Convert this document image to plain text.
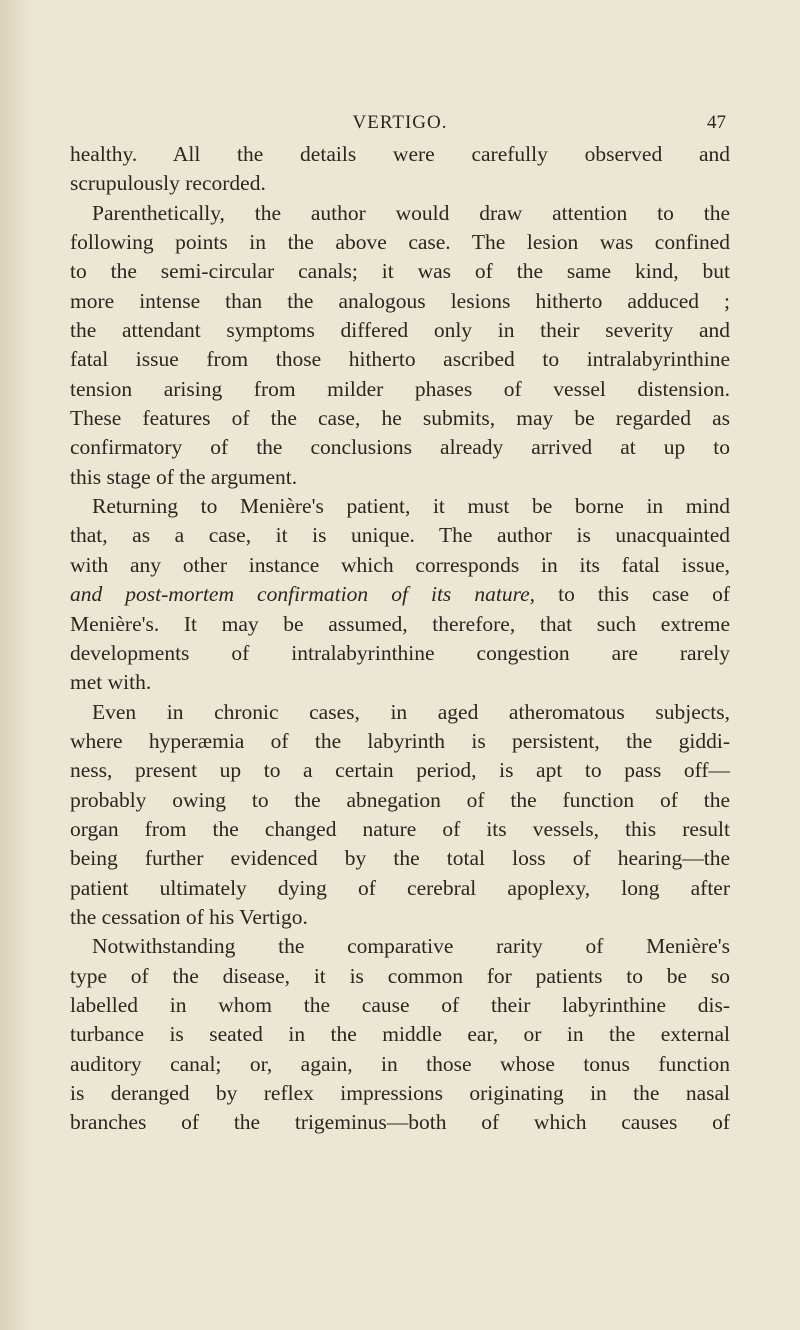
VERTIGO.	47
healthy. All the details were carefully observed and
scrupulously recorded.
Parenthetically, the author would draw attention to the
following points in the above case. The lesion was confined
to the semi-circular canals; it was of the same kind, but
more intense than the analogous lesions hitherto adduced ;
the attendant symptoms differed only in their severity and
fatal issue from those hitherto ascribed to intralabyrinthine
tension arising from milder phases of vessel distension.
These features of the case, he submits, may be regarded as
confirmatory of the conclusions already arrived at up to
this stage of the argument.
Returning to Menière's patient, it must be borne in mind
that, as a case, it is unique. The author is unacquainted
with any other instance which corresponds in its fatal issue,
and post-mortem confirmation of its nature, to this case of
Menière's. It may be assumed, therefore, that such extreme
developments of intralabyrinthine congestion are rarely
met with.
Even in chronic cases, in aged atheromatous subjects,
where hyperæmia of the labyrinth is persistent, the giddi-
ness, present up to a certain period, is apt to pass off—
probably owing to the abnegation of the function of the
organ from the changed nature of its vessels, this result
being further evidenced by the total loss of hearing—the
patient ultimately dying of cerebral apoplexy, long after
the cessation of his Vertigo.
Notwithstanding the comparative rarity of Menière's
type of the disease, it is common for patients to be so
labelled in whom the cause of their labyrinthine dis-
turbance is seated in the middle ear, or in the external
auditory canal; or, again, in those whose tonus function
is deranged by reflex impressions originating in the nasal
branches of the trigeminus—both of which causes of
